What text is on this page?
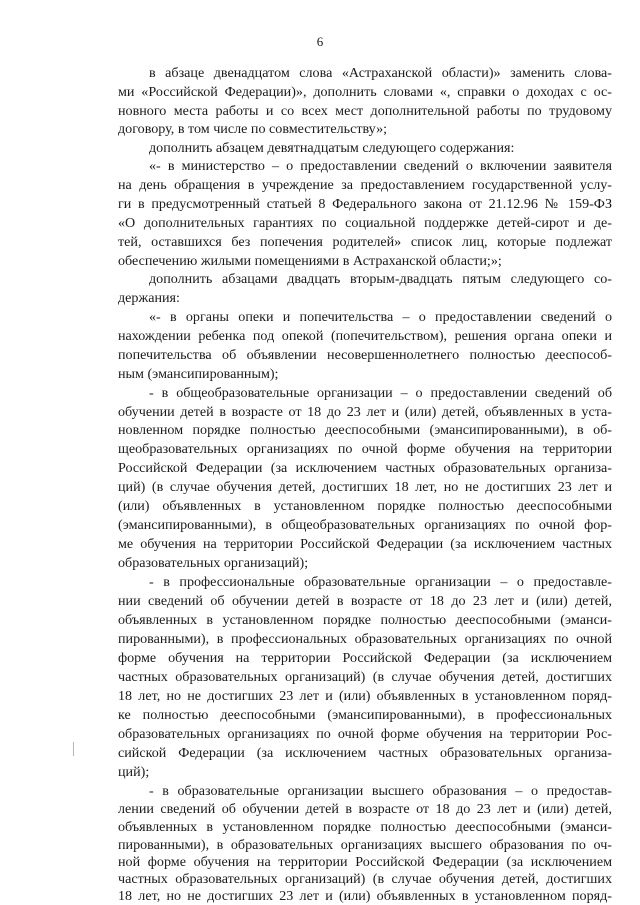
6
в абзаце двенадцатом слова «Астраханской области)» заменить слова-
ми «Российской Федерации)», дополнить словами «, справки о доходах с ос-
новного места работы и со всех мест дополнительной работы по трудовому
договору, в том числе по совместительству»;
дополнить абзацем девятнадцатым следующего содержания:
«- в министерство – о предоставлении сведений о включении заявителя
на день обращения в учреждение за предоставлением государственной услу-
ги в предусмотренный статьей 8 Федерального закона от 21.12.96 № 159-ФЗ
«О дополнительных гарантиях по социальной поддержке детей-сирот и де-
тей, оставшихся без попечения родителей» список лиц, которые подлежат
обеспечению жилыми помещениями в Астраханской области;»;
дополнить абзацами двадцать вторым-двадцать пятым следующего со-
держания:
«- в органы опеки и попечительства – о предоставлении сведений о
нахождении ребенка под опекой (попечительством), решения органа опеки и
попечительства об объявлении несовершеннолетнего полностью дееспособ-
ным (эмансипированным);
- в общеобразовательные организации – о предоставлении сведений об
обучении детей в возрасте от 18 до 23 лет и (или) детей, объявленных в уста-
новленном порядке полностью дееспособными (эмансипированными), в об-
щеобразовательных организациях по очной форме обучения на территории
Российской Федерации (за исключением частных образовательных организа-
ций) (в случае обучения детей, достигших 18 лет, но не достигших 23 лет и
(или) объявленных в установленном порядке полностью дееспособными
(эмансипированными), в общеобразовательных организациях по очной фор-
ме обучения на территории Российской Федерации (за исключением частных
образовательных организаций);
- в профессиональные образовательные организации – о предоставле-
нии сведений об обучении детей в возрасте от 18 до 23 лет и (или) детей,
объявленных в установленном порядке полностью дееспособными (эманси-
пированными), в профессиональных образовательных организациях по очной
форме обучения на территории Российской Федерации (за исключением
частных образовательных организаций) (в случае обучения детей, достигших
18 лет, но не достигших 23 лет и (или) объявленных в установленном поряд-
ке полностью дееспособными (эмансипированными), в профессиональных
образовательных организациях по очной форме обучения на территории Рос-
сийской Федерации (за исключением частных образовательных организа-
ций);
- в образовательные организации высшего образования – о предостав-
лении сведений об обучении детей в возрасте от 18 до 23 лет и (или) детей,
объявленных в установленном порядке полностью дееспособными (эманси-
пированными), в образовательных организациях высшего образования по оч-
ной форме обучения на территории Российской Федерации (за исключением
частных образовательных организаций) (в случае обучения детей, достигших
18 лет, но не достигших 23 лет и (или) объявленных в установленном поряд-
